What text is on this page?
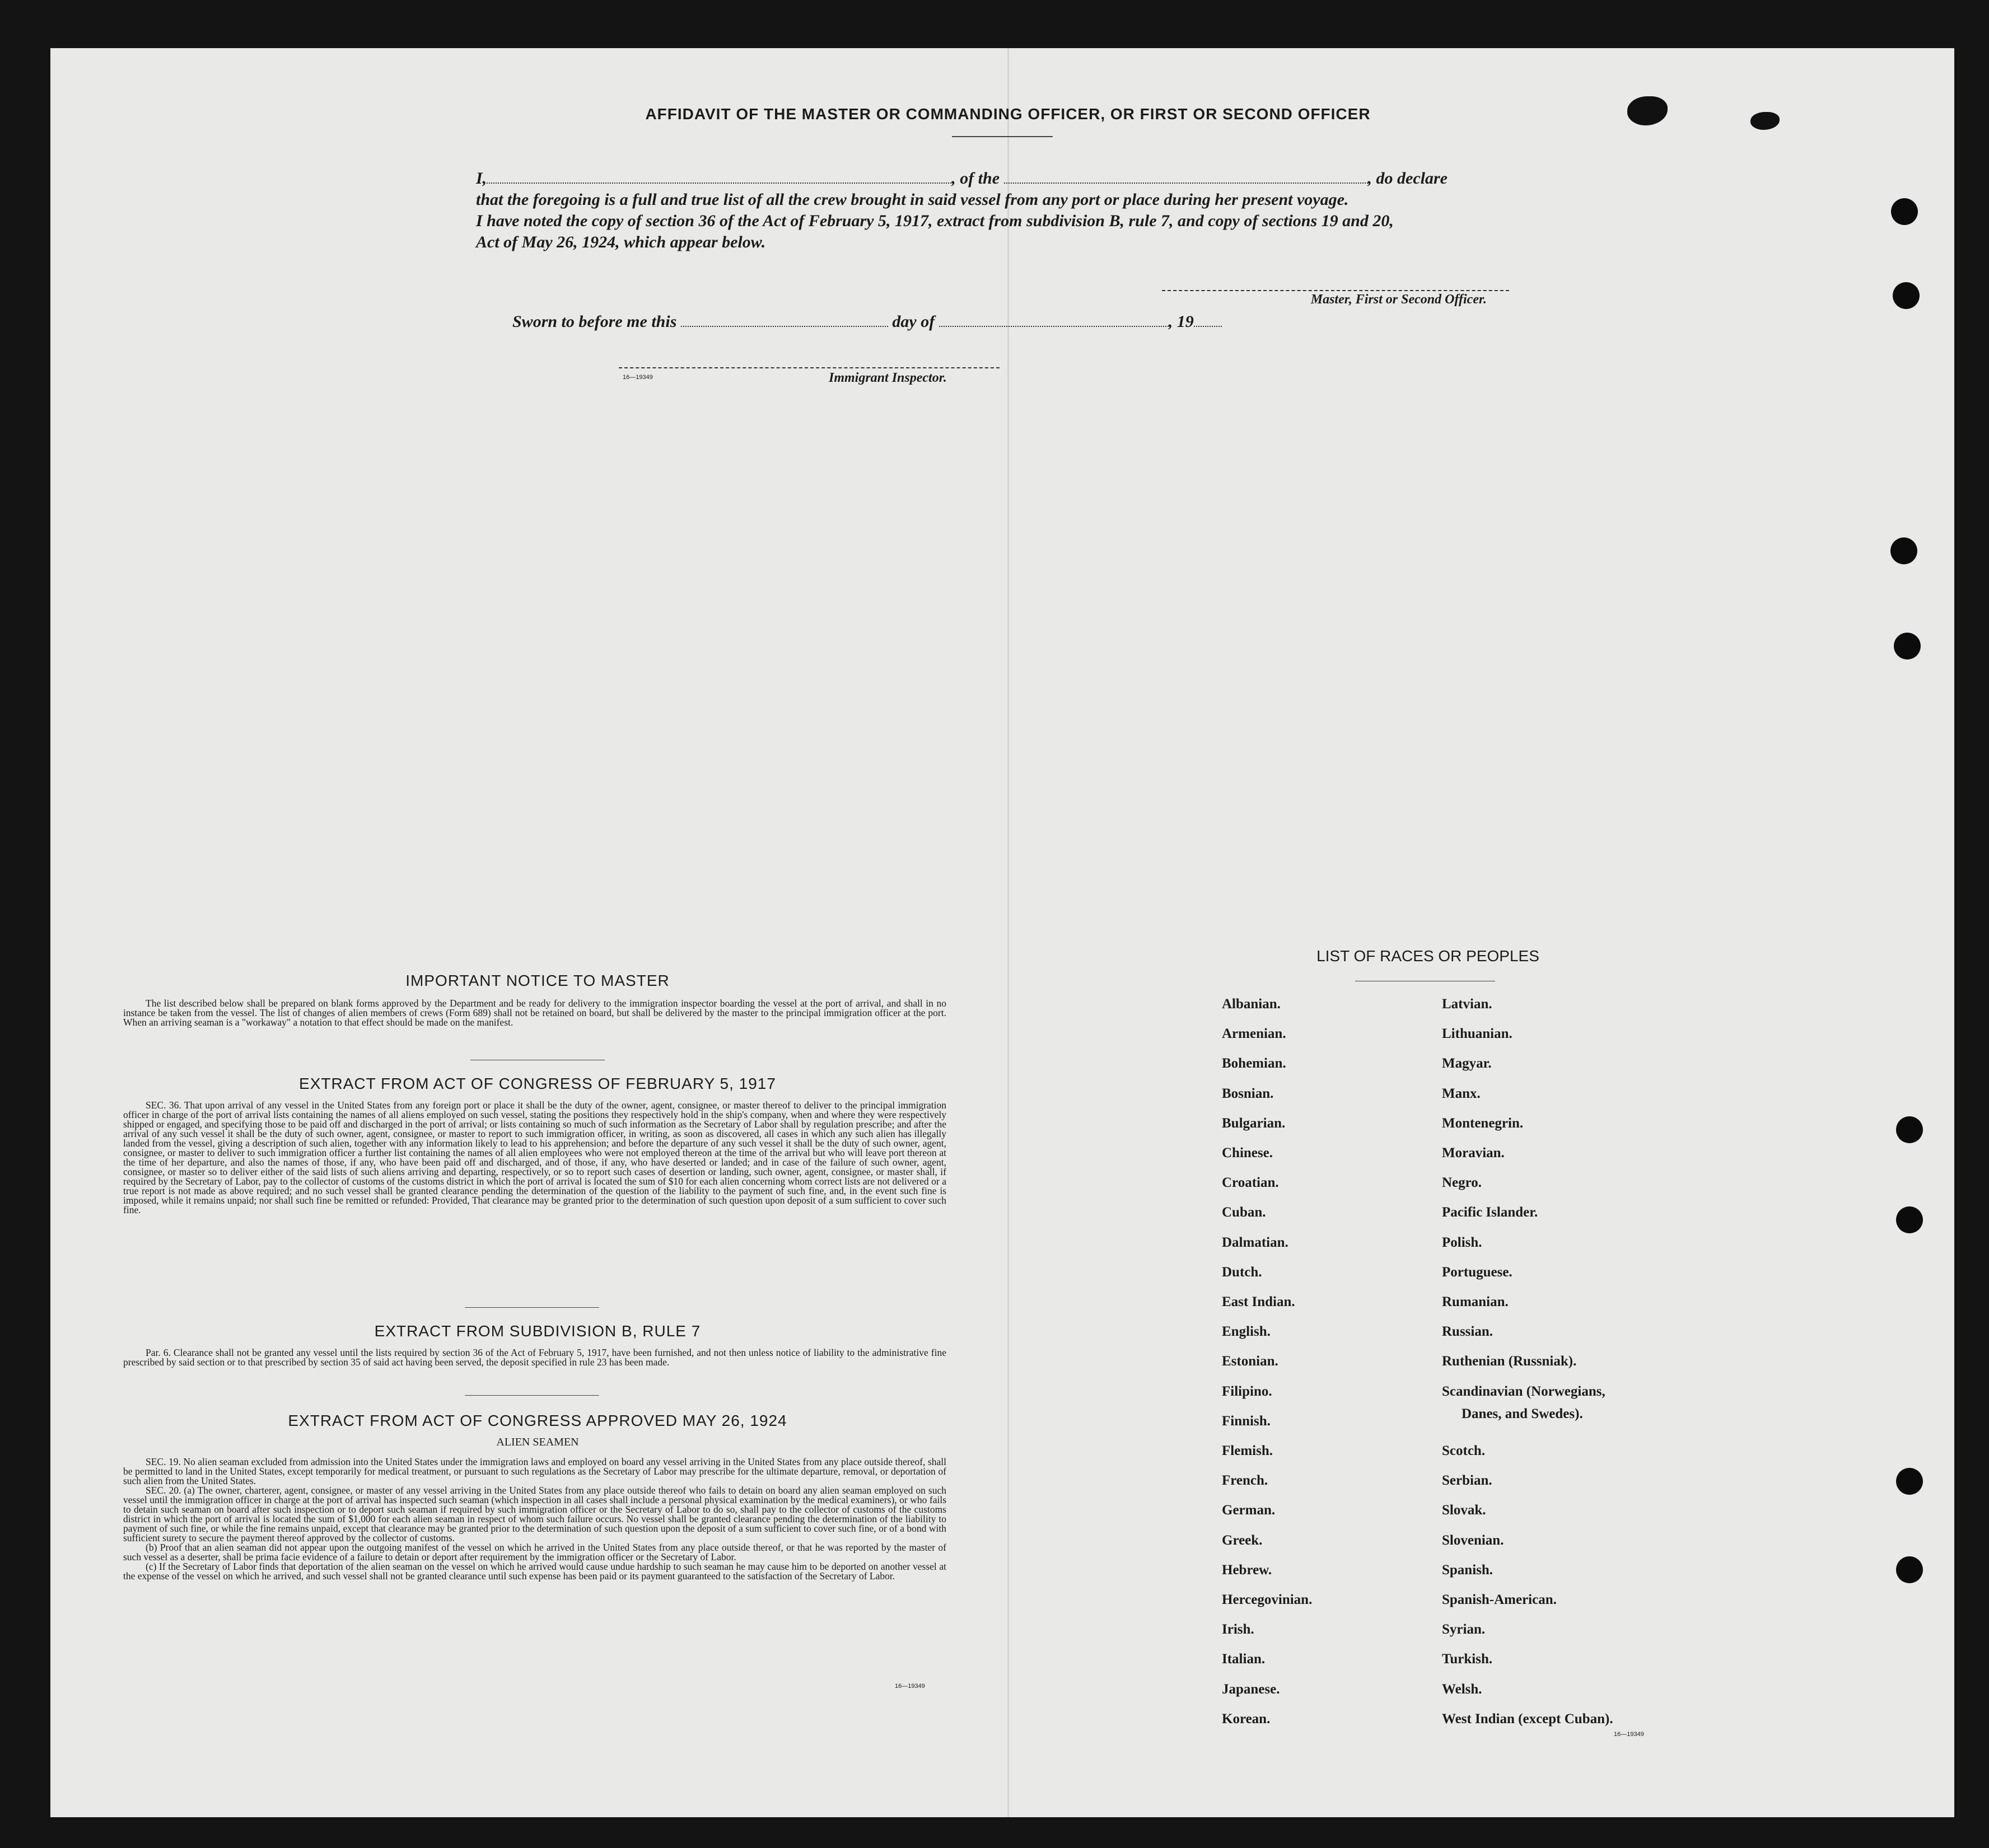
AFFIDAVIT OF THE MASTER OR COMMANDING OFFICER, OR FIRST OR SECOND OFFICER
I,	, of the	, do declare
that the foregoing is a full and true list of all the crew brought in said vessel from any port or place during her present voyage.
I have noted the copy of section 36 of the Act of February 5, 1917, extract from subdivision B, rule 7, and copy of sections 19 and 20,
Act of May 26, 1924, which appear below.
Master, First or Second Officer.
Sworn to before me this	day of	, 19
16—19349	Immigrant Inspector.
IMPORTANT NOTICE TO MASTER
The list described below shall be prepared on blank forms approved by the Department and be ready for delivery to the immigration inspector boarding the vessel at the port of arrival, and shall in no instance be taken from the vessel. The list of changes of alien members of crews (Form 689) shall not be retained on board, but shall be delivered by the master to the principal immigration officer at the port. When an arriving seaman is a "workaway" a notation to that effect should be made on the manifest.
EXTRACT FROM ACT OF CONGRESS OF FEBRUARY 5, 1917
SEC. 36. That upon arrival of any vessel in the United States from any foreign port or place it shall be the duty of the owner, agent, consignee, or master thereof to deliver to the principal immigration officer in charge of the port of arrival lists containing the names of all aliens employed on such vessel, stating the positions they respectively hold in the ship's company, when and where they were respectively shipped or engaged, and specifying those to be paid off and discharged in the port of arrival; or lists containing so much of such information as the Secretary of Labor shall by regulation prescribe; and after the arrival of any such vessel it shall be the duty of such owner, agent, consignee, or master to report to such immigration officer, in writing, as soon as discovered, all cases in which any such alien has illegally landed from the vessel, giving a description of such alien, together with any information likely to lead to his apprehension; and before the departure of any such vessel it shall be the duty of such owner, agent, consignee, or master to deliver to such immigration officer a further list containing the names of all alien employees who were not employed thereon at the time of the arrival but who will leave port thereon at the time of her departure, and also the names of those, if any, who have been paid off and discharged, and of those, if any, who have deserted or landed; and in case of the failure of such owner, agent, consignee, or master so to deliver either of the said lists of such aliens arriving and departing, respectively, or so to report such cases of desertion or landing, such owner, agent, consignee, or master shall, if required by the Secretary of Labor, pay to the collector of customs of the customs district in which the port of arrival is located the sum of $10 for each alien concerning whom correct lists are not delivered or a true report is not made as above required; and no such vessel shall be granted clearance pending the determination of the question of the liability to the payment of such fine, and, in the event such fine is imposed, while it remains unpaid; nor shall such fine be remitted or refunded: Provided, That clearance may be granted prior to the determination of such question upon deposit of a sum sufficient to cover such fine.
EXTRACT FROM SUBDIVISION B, RULE 7
Par. 6. Clearance shall not be granted any vessel until the lists required by section 36 of the Act of February 5, 1917, have been furnished, and not then unless notice of liability to the administrative fine prescribed by said section or to that prescribed by section 35 of said act having been served, the deposit specified in rule 23 has been made.
EXTRACT FROM ACT OF CONGRESS APPROVED MAY 26, 1924
ALIEN SEAMEN
SEC. 19. No alien seaman excluded from admission into the United States under the immigration laws and employed on board any vessel arriving in the United States from any place outside thereof, shall be permitted to land in the United States, except temporarily for medical treatment, or pursuant to such regulations as the Secretary of Labor may prescribe for the ultimate departure, removal, or deportation of such alien from the United States.
SEC. 20. (a) The owner, charterer, agent, consignee, or master of any vessel arriving in the United States from any place outside thereof who fails to detain on board any alien seaman employed on such vessel until the immigration officer in charge at the port of arrival has inspected such seaman (which inspection in all cases shall include a personal physical examination by the medical examiners), or who fails to detain such seaman on board after such inspection or to deport such seaman if required by such immigration officer or the Secretary of Labor to do so, shall pay to the collector of customs of the customs district in which the port of arrival is located the sum of $1,000 for each alien seaman in respect of whom such failure occurs. No vessel shall be granted clearance pending the determination of the liability to payment of such fine, or while the fine remains unpaid, except that clearance may be granted prior to the determination of such question upon the deposit of a sum sufficient to cover such fine, or of a bond with sufficient surety to secure the payment thereof approved by the collector of customs.
(b) Proof that an alien seaman did not appear upon the outgoing manifest of the vessel on which he arrived in the United States from any place outside thereof, or that he was reported by the master of such vessel as a deserter, shall be prima facie evidence of a failure to detain or deport after requirement by the immigration officer or the Secretary of Labor.
(c) If the Secretary of Labor finds that deportation of the alien seaman on the vessel on which he arrived would cause undue hardship to such seaman he may cause him to be deported on another vessel at the expense of the vessel on which he arrived, and such vessel shall not be granted clearance until such expense has been paid or its payment guaranteed to the satisfaction of the Secretary of Labor.
16—19349
LIST OF RACES OR PEOPLES
Albanian.
Armenian.
Bohemian.
Bosnian.
Bulgarian.
Chinese.
Croatian.
Cuban.
Dalmatian.
Dutch.
East Indian.
English.
Estonian.
Filipino.
Finnish.
Flemish.
French.
German.
Greek.
Hebrew.
Hercegovinian.
Irish.
Italian.
Japanese.
Korean.
Latvian.
Lithuanian.
Magyar.
Manx.
Montenegrin.
Moravian.
Negro.
Pacific Islander.
Polish.
Portuguese.
Rumanian.
Russian.
Ruthenian (Russniak).
Scandinavian (Norwegians,
Scotch.
Serbian.
Slovak.
Slovenian.
Spanish.
Spanish-American.
Syrian.
Turkish.
Welsh.
West Indian (except Cuban).
Danes, and Swedes).
16—19349
